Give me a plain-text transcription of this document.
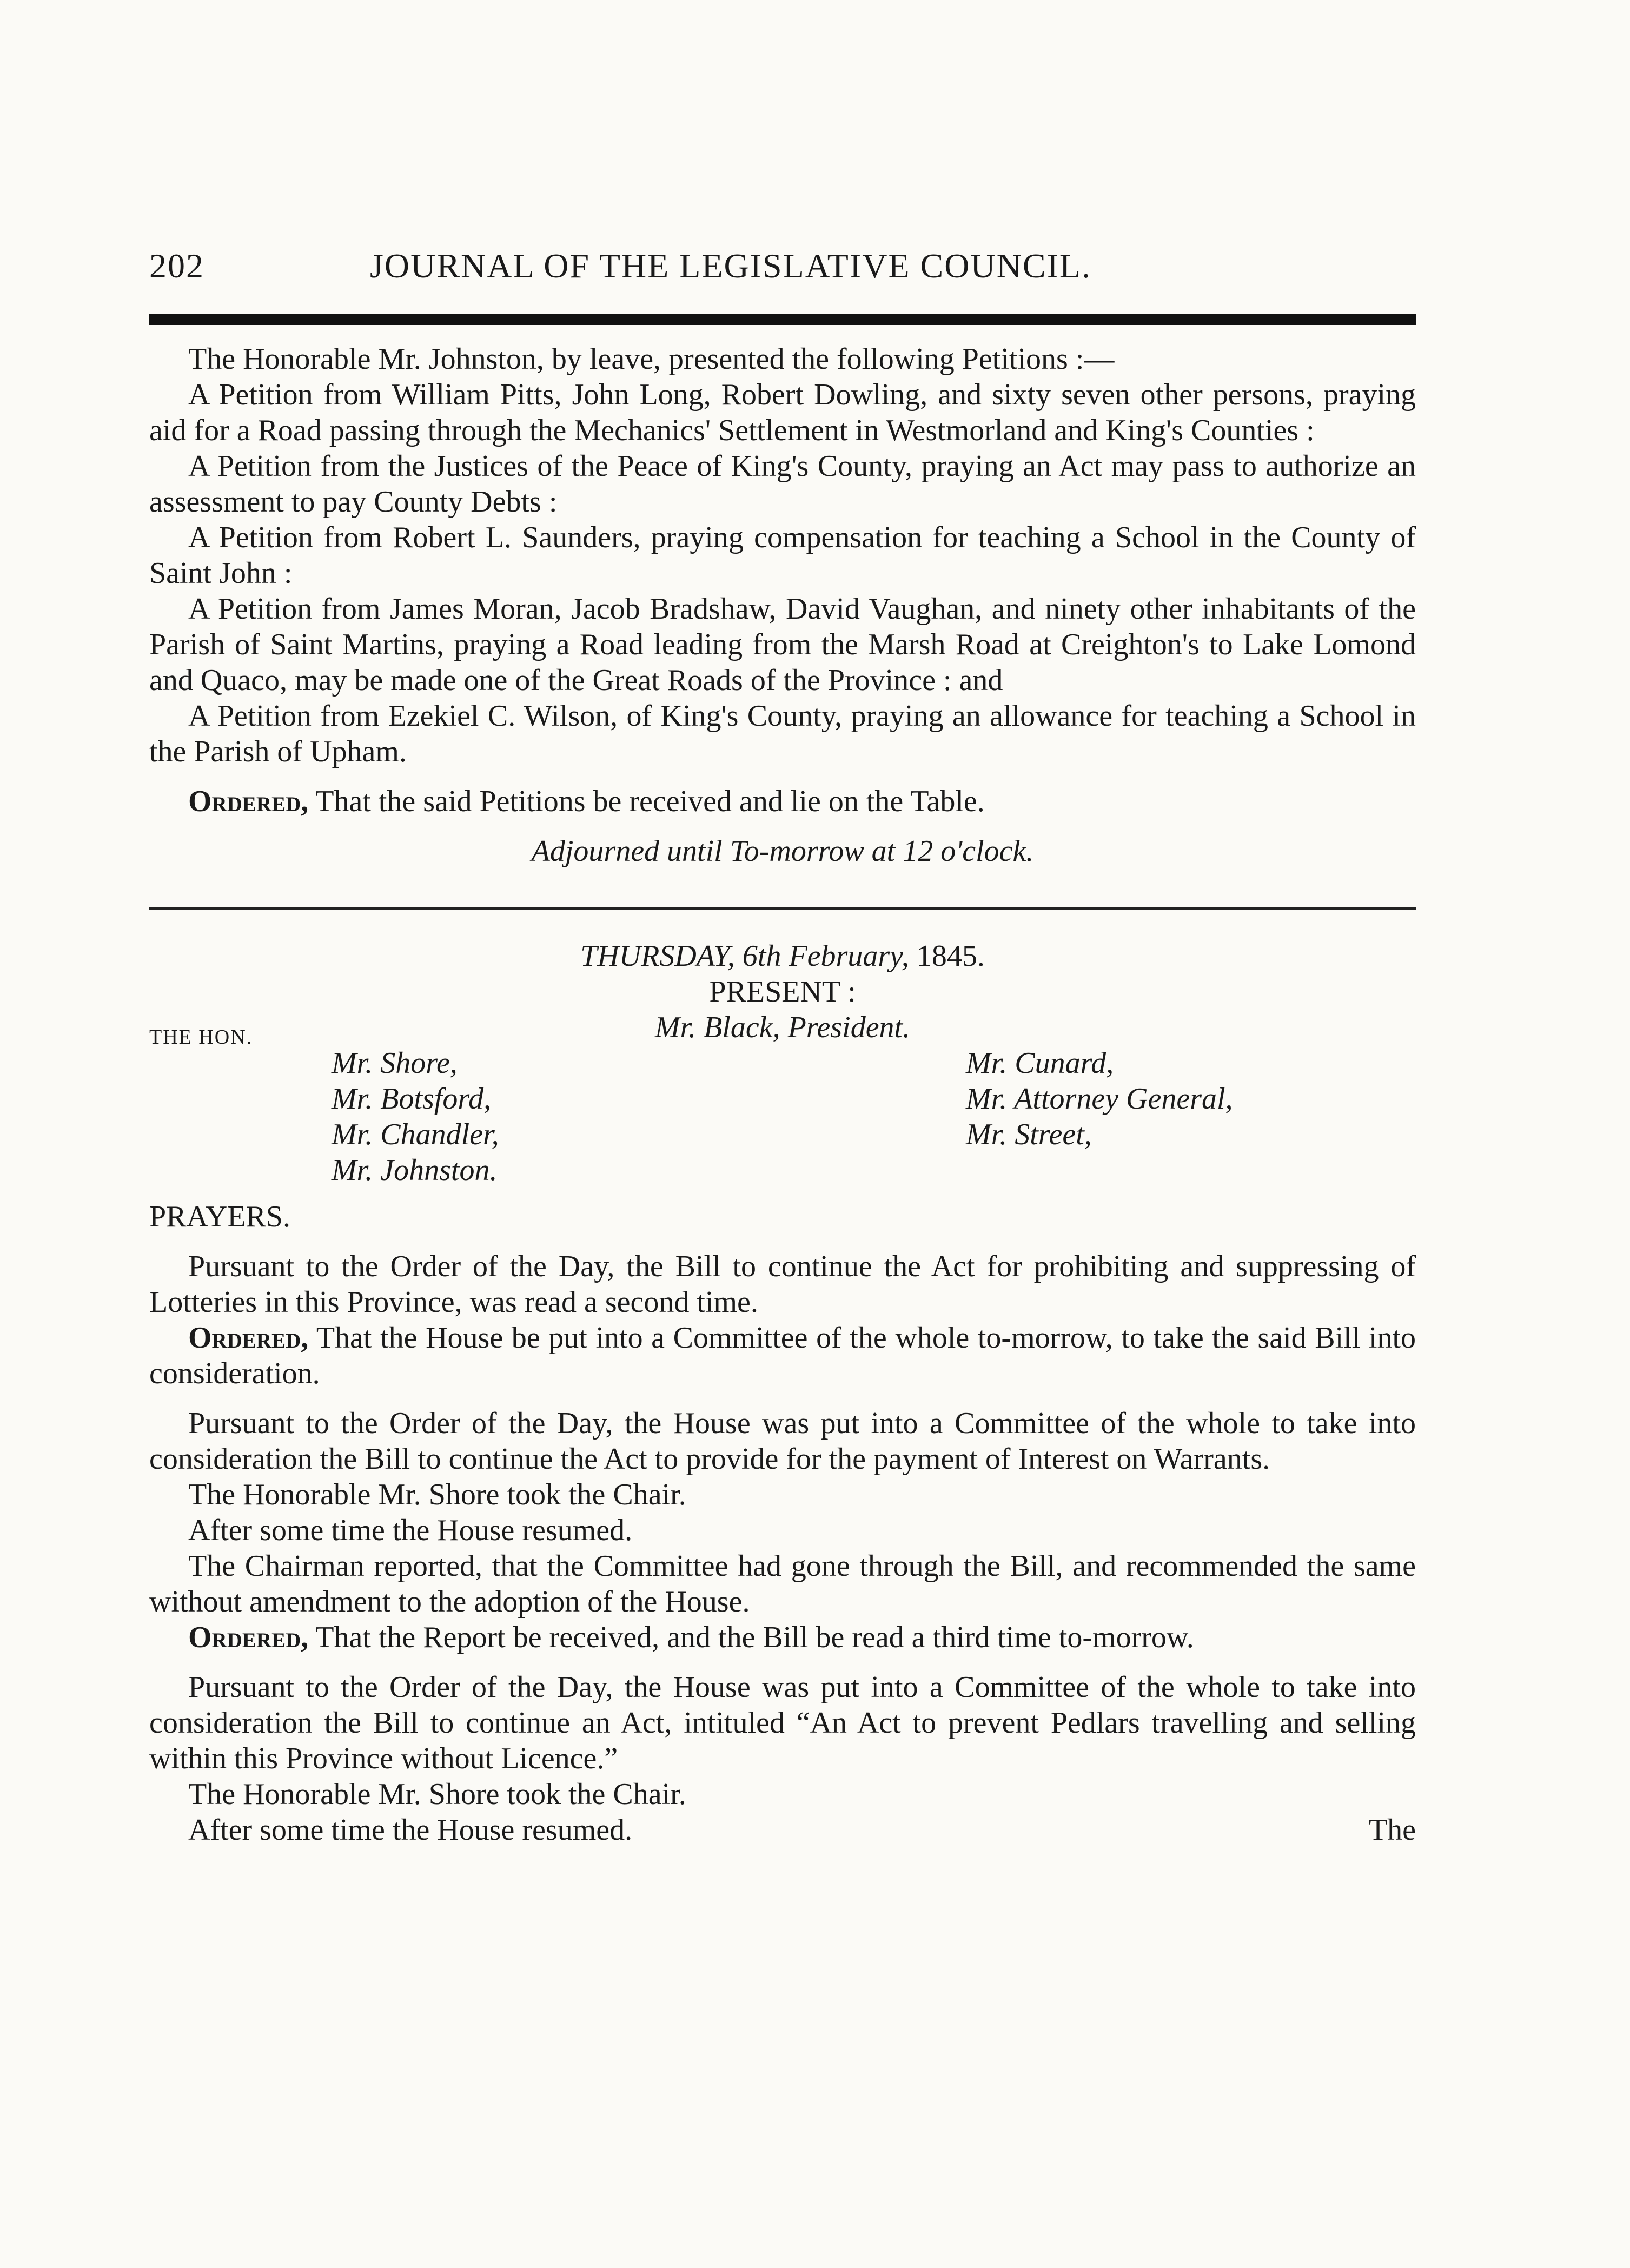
202	JOURNAL OF THE LEGISLATIVE COUNCIL.

The Honorable Mr. Johnston, by leave, presented the following Petitions :—

A Petition from William Pitts, John Long, Robert Dowling, and sixty seven other persons, praying aid for a Road passing through the Mechanics' Settlement in Westmorland and King's Counties :

A Petition from the Justices of the Peace of King's County, praying an Act may pass to authorize an assessment to pay County Debts :

A Petition from Robert L. Saunders, praying compensation for teaching a School in the County of Saint John :

A Petition from James Moran, Jacob Bradshaw, David Vaughan, and ninety other inhabitants of the Parish of Saint Martins, praying a Road leading from the Marsh Road at Creighton's to Lake Lomond and Quaco, may be made one of the Great Roads of the Province : and

A Petition from Ezekiel C. Wilson, of King's County, praying an allowance for teaching a School in the Parish of Upham.

Ordered, That the said Petitions be received and lie on the Table.

Adjourned until To-morrow at 12 o'clock.

THURSDAY, 6th February, 1845.

PRESENT :

THE HON.	Mr. Black, President.
Mr. Shore,
Mr. Botsford,
Mr. Chandler,
Mr. Johnston.
Mr. Cunard,
Mr. Attorney General,
Mr. Street,

PRAYERS.

Pursuant to the Order of the Day, the Bill to continue the Act for prohibiting and suppressing of Lotteries in this Province, was read a second time.

Ordered, That the House be put into a Committee of the whole to-morrow, to take the said Bill into consideration.

Pursuant to the Order of the Day, the House was put into a Committee of the whole to take into consideration the Bill to continue the Act to provide for the payment of Interest on Warrants.

The Honorable Mr. Shore took the Chair.

After some time the House resumed.

The Chairman reported, that the Committee had gone through the Bill, and recommended the same without amendment to the adoption of the House.

Ordered, That the Report be received, and the Bill be read a third time to-morrow.

Pursuant to the Order of the Day, the House was put into a Committee of the whole to take into consideration the Bill to continue an Act, intituled “An Act to prevent Pedlars travelling and selling within this Province without Licence.”

The Honorable Mr. Shore took the Chair.

After some time the House resumed.	The
